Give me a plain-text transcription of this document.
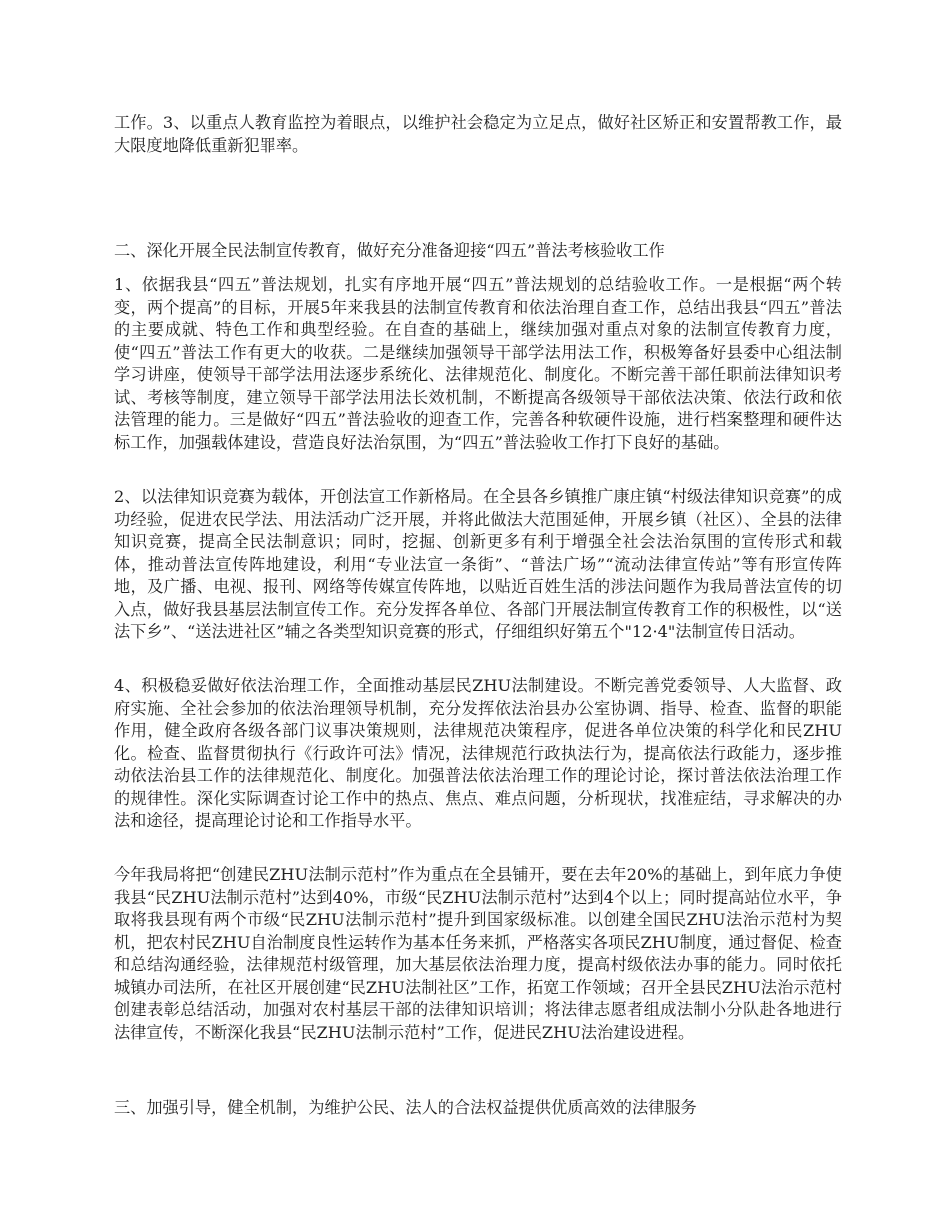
工作。3、以重点人教育监控为着眼点，以维护社会稳定为立足点，做好社区矫正和安置帮教工作，最大限度地降低重新犯罪率。

二、深化开展全民法制宣传教育，做好充分准备迎接“四五”普法考核验收工作

1、依据我县“四五”普法规划，扎实有序地开展“四五”普法规划的总结验收工作。一是根据“两个转变，两个提高”的目标，开展5年来我县的法制宣传教育和依法治理自查工作，总结出我县“四五”普法的主要成就、特色工作和典型经验。在自查的基础上，继续加强对重点对象的法制宣传教育力度，使“四五”普法工作有更大的收获。二是继续加强领导干部学法用法工作，积极筹备好县委中心组法制学习讲座，使领导干部学法用法逐步系统化、法律规范化、制度化。不断完善干部任职前法律知识考试、考核等制度，建立领导干部学法用法长效机制，不断提高各级领导干部依法决策、依法行政和依法管理的能力。三是做好“四五”普法验收的迎查工作，完善各种软硬件设施，进行档案整理和硬件达标工作，加强载体建设，营造良好法治氛围，为“四五”普法验收工作打下良好的基础。

2、以法律知识竞赛为载体，开创法宣工作新格局。在全县各乡镇推广康庄镇“村级法律知识竞赛”的成功经验，促进农民学法、用法活动广泛开展，并将此做法大范围延伸，开展乡镇（社区）、全县的法律知识竞赛，提高全民法制意识；同时，挖掘、创新更多有利于增强全社会法治氛围的宣传形式和载体，推动普法宣传阵地建设，利用“专业法宣一条街”、“普法广场”“流动法律宣传站”等有形宣传阵地，及广播、电视、报刊、网络等传媒宣传阵地，以贴近百姓生活的涉法问题作为我局普法宣传的切入点，做好我县基层法制宣传工作。充分发挥各单位、各部门开展法制宣传教育工作的积极性，以“送法下乡”、“送法进社区”辅之各类型知识竞赛的形式，仔细组织好第五个"12·4"法制宣传日活动。

4、积极稳妥做好依法治理工作，全面推动基层民ZHU法制建设。不断完善党委领导、人大监督、政府实施、全社会参加的依法治理领导机制，充分发挥依法治县办公室协调、指导、检查、监督的职能作用，健全政府各级各部门议事决策规则，法律规范决策程序，促进各单位决策的科学化和民ZHU化。检查、监督贯彻执行《行政许可法》情况，法律规范行政执法行为，提高依法行政能力，逐步推动依法治县工作的法律规范化、制度化。加强普法依法治理工作的理论讨论，探讨普法依法治理工作的规律性。深化实际调查讨论工作中的热点、焦点、难点问题，分析现状，找准症结，寻求解决的办法和途径，提高理论讨论和工作指导水平。

今年我局将把“创建民ZHU法制示范村”作为重点在全县铺开，要在去年20%的基础上，到年底力争使我县“民ZHU法制示范村”达到40%，市级“民ZHU法制示范村”达到4个以上；同时提高站位水平，争取将我县现有两个市级“民ZHU法制示范村”提升到国家级标准。以创建全国民ZHU法治示范村为契机，把农村民ZHU自治制度良性运转作为基本任务来抓，严格落实各项民ZHU制度，通过督促、检查和总结沟通经验，法律规范村级管理，加大基层依法治理力度，提高村级依法办事的能力。同时依托城镇办司法所，在社区开展创建“民ZHU法制社区”工作，拓宽工作领域；召开全县民ZHU法治示范村创建表彰总结活动，加强对农村基层干部的法律知识培训；将法律志愿者组成法制小分队赴各地进行法律宣传，不断深化我县“民ZHU法制示范村”工作，促进民ZHU法治建设进程。

三、加强引导，健全机制，为维护公民、法人的合法权益提供优质高效的法律服务
